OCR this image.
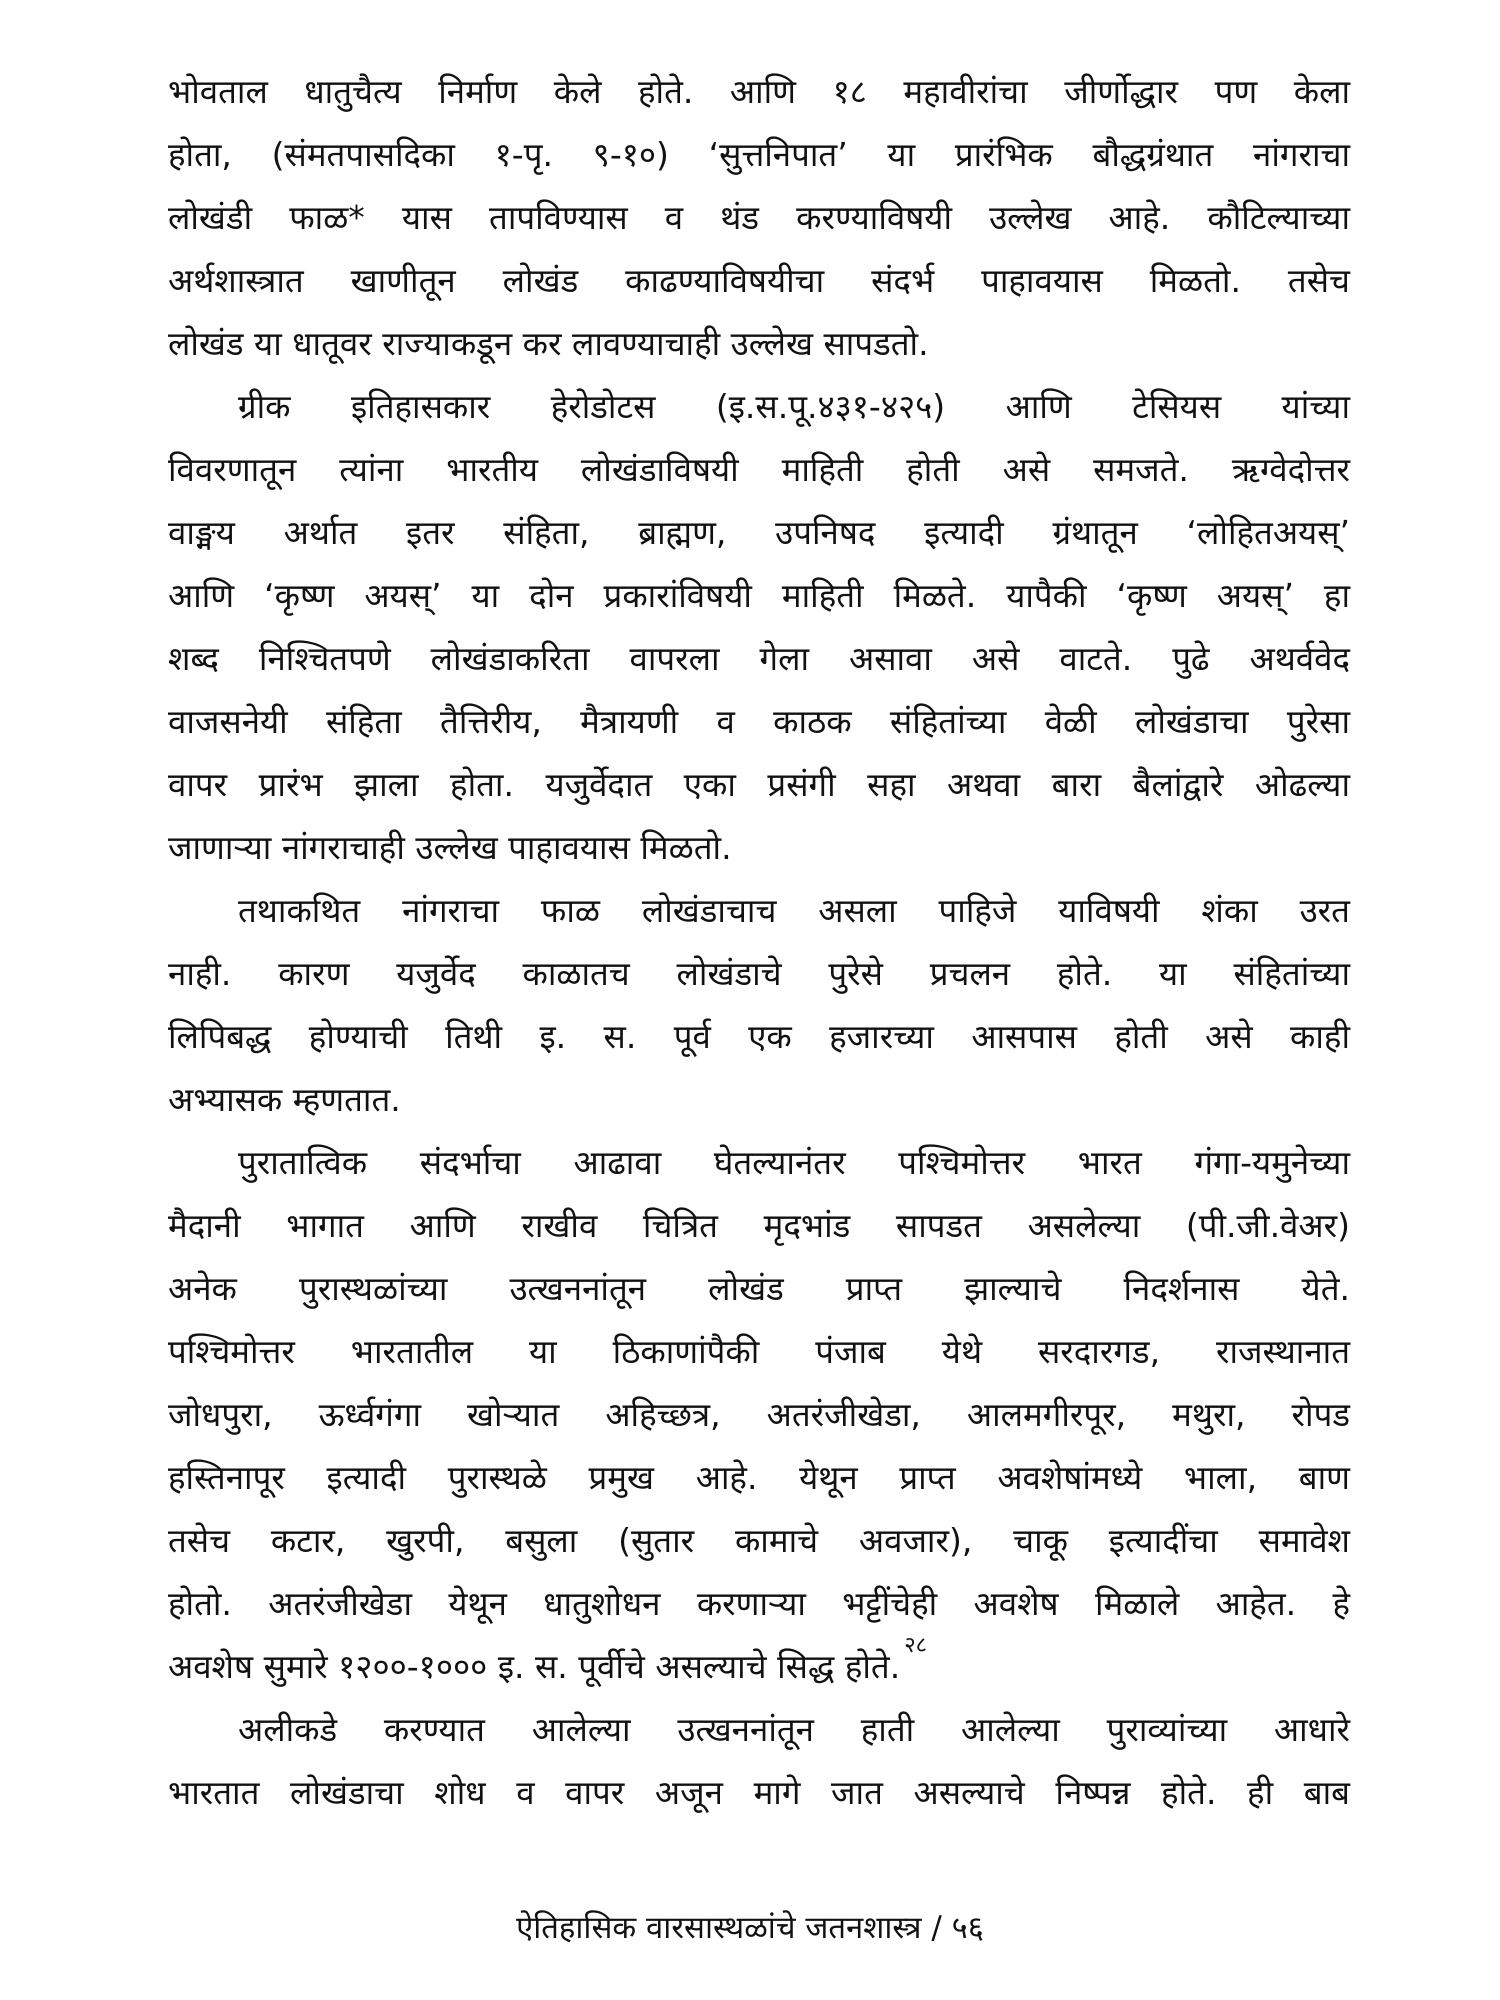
भोवताल धातुचैत्य निर्माण केले होते. आणि १८ महावीरांचा जीर्णोद्धार पण केला
होता, (संमतपासदिका १-पृ. ९-१०) ‘सुत्तनिपात’ या प्रारंभिक बौद्धग्रंथात नांगराचा
लोखंडी फाळ* यास तापविण्यास व थंड करण्याविषयी उल्लेख आहे. कौटिल्याच्या
अर्थशास्त्रात खाणीतून लोखंड काढण्याविषयीचा संदर्भ पाहावयास मिळतो. तसेच
लोखंड या धातूवर राज्याकडून कर लावण्याचाही उल्लेख सापडतो.
ग्रीक इतिहासकार हेरोडोटस (इ.स.पू.४३१-४२५) आणि टेसियस यांच्या
विवरणातून त्यांना भारतीय लोखंडाविषयी माहिती होती असे समजते. ऋग्वेदोत्तर
वाङ्मय अर्थात इतर संहिता, ब्राह्मण, उपनिषद इत्यादी ग्रंथातून ‘लोहितअयस्’
आणि ‘कृष्ण अयस्’ या दोन प्रकारांविषयी माहिती मिळते. यापैकी ‘कृष्ण अयस्’ हा
शब्द निश्चितपणे लोखंडाकरिता वापरला गेला असावा असे वाटते. पुढे अथर्ववेद
वाजसनेयी संहिता तैत्तिरीय, मैत्रायणी व काठक संहितांच्या वेळी लोखंडाचा पुरेसा
वापर प्रारंभ झाला होता. यजुर्वेदात एका प्रसंगी सहा अथवा बारा बैलांद्वारे ओढल्या
जाणाऱ्या नांगराचाही उल्लेख पाहावयास मिळतो.
तथाकथित नांगराचा फाळ लोखंडाचाच असला पाहिजे याविषयी शंका उरत
नाही. कारण यजुर्वेद काळातच लोखंडाचे पुरेसे प्रचलन होते. या संहितांच्या
लिपिबद्ध होण्याची तिथी इ. स. पूर्व एक हजारच्या आसपास होती असे काही
अभ्यासक म्हणतात.
पुरातात्विक संदर्भाचा आढावा घेतल्यानंतर पश्चिमोत्तर भारत गंगा-यमुनेच्या
मैदानी भागात आणि राखीव चित्रित मृदभांड सापडत असलेल्या (पी.जी.वेअर)
अनेक पुरास्थळांच्या उत्खननांतून लोखंड प्राप्त झाल्याचे निदर्शनास येते.
पश्चिमोत्तर भारतातील या ठिकाणांपैकी पंजाब येथे सरदारगड, राजस्थानात
जोधपुरा, ऊर्ध्वगंगा खोऱ्यात अहिच्छत्र, अतरंजीखेडा, आलमगीरपूर, मथुरा, रोपड
हस्तिनापूर इत्यादी पुरास्थळे प्रमुख आहे. येथून प्राप्त अवशेषांमध्ये भाला, बाण
तसेच कटार, खुरपी, बसुला (सुतार कामाचे अवजार), चाकू इत्यादींचा समावेश
होतो. अतरंजीखेडा येथून धातुशोधन करणाऱ्या भट्टींचेही अवशेष मिळाले आहेत. हे
अवशेष सुमारे १२००-१००० इ. स. पूर्वीचे असल्याचे सिद्ध होते.$^{२८}$
अलीकडे करण्यात आलेल्या उत्खननांतून हाती आलेल्या पुराव्यांच्या आधारे
भारतात लोखंडाचा शोध व वापर अजून मागे जात असल्याचे निष्पन्न होते. ही बाब
ऐतिहासिक वारसास्थळांचे जतनशास्त्र / ५६
